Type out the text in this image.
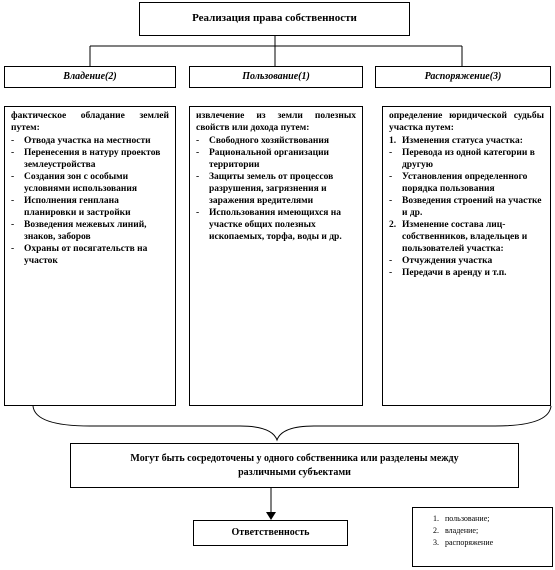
Реализация права собственности
Владение(2)	Пользование(1)	Распоряжение(3)
фактическое обладание землей путем:
- Отвода участка на местности
- Перенесения в натуру проектов землеустройства
- Создания зон с особыми условиями использования
- Исполнения генплана планировки и застройки
- Возведения межевых линий, знаков, заборов
- Охраны от посягательств на участок
извлечение из земли полезных свойств или дохода путем:
- Свободного хозяйствования
- Рациональной организации территории
- Защиты земель от процессов разрушения, загрязнения и заражения вредителями
- Использования имеющихся на участке общих полезных ископаемых, торфа, воды и др.
определение юридической судьбы участка путем:
1. Изменения статуса участка:
- Перевода из одной категории в другую
- Установления определенного порядка пользования
- Возведения строений на участке и др.
2. Изменение состава лиц-собственников, владельцев и пользователей участка:
- Отчуждения участка
- Передачи в аренду и т.п.
Могут быть сосредоточены у одного собственника или разделены между различными субъектами
Ответственность
1. пользование;
2. владение;
3. распоряжение
